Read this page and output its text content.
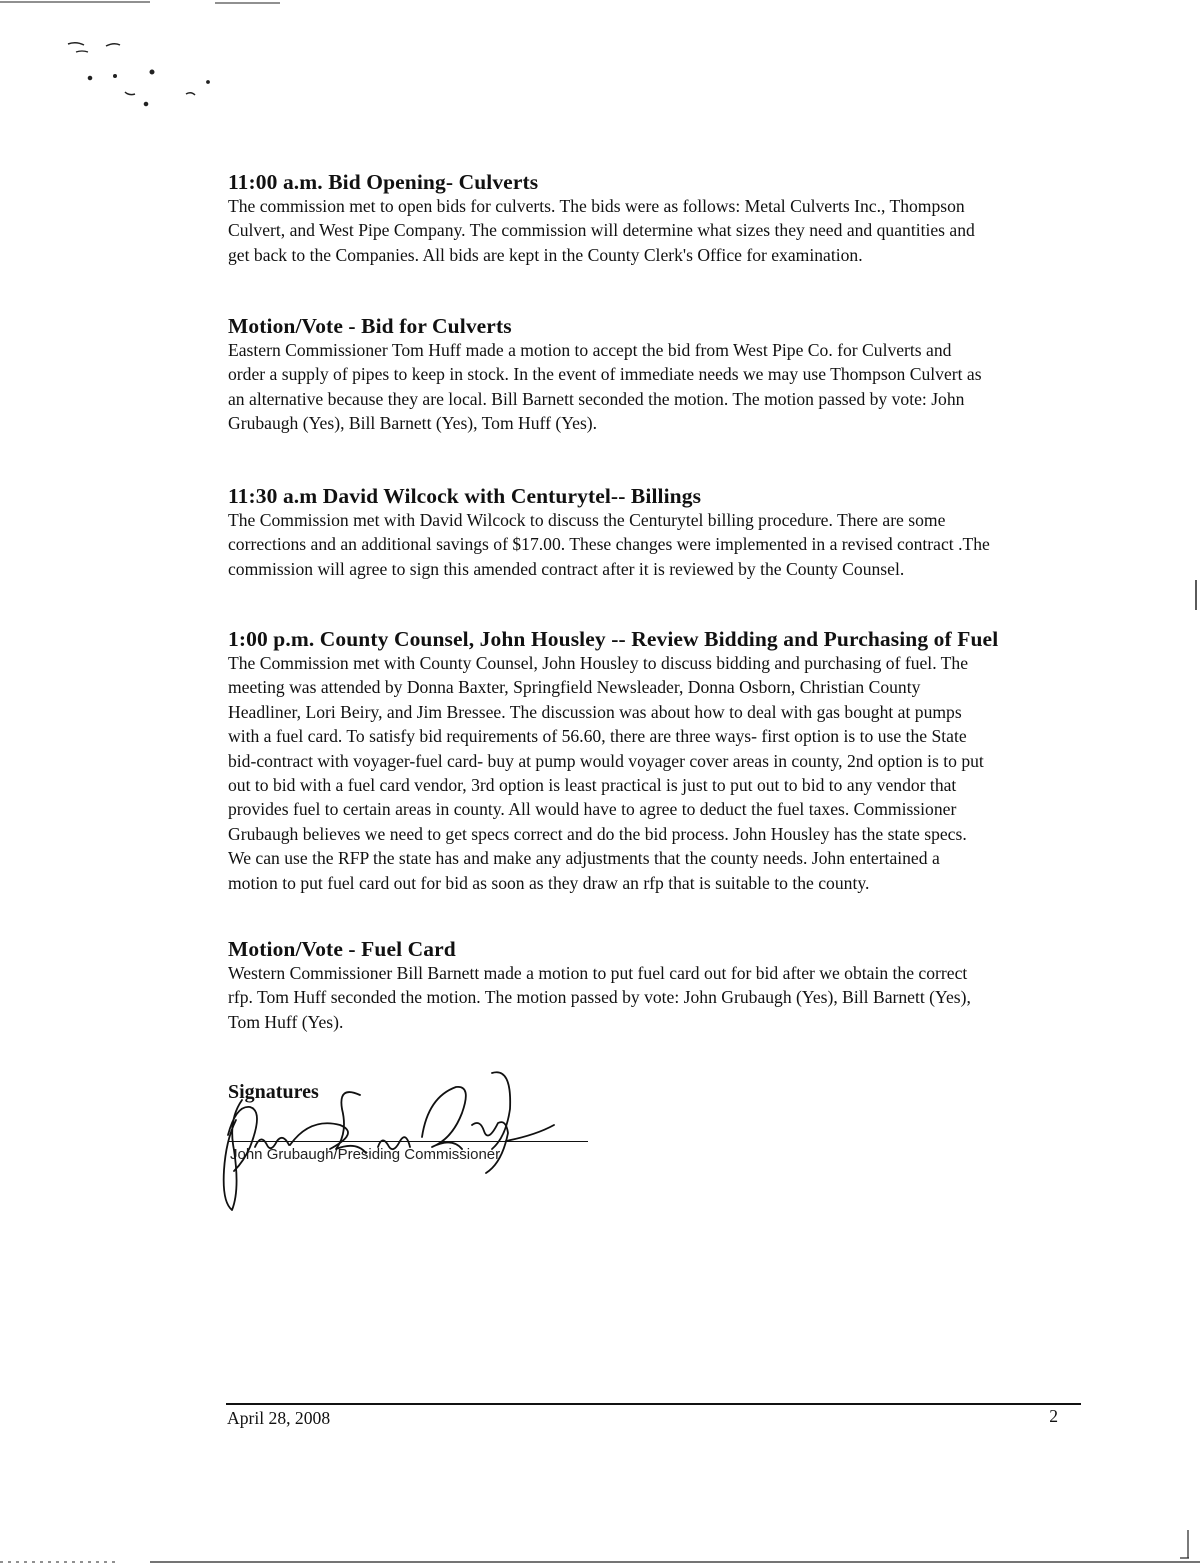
11:00 a.m. Bid Opening- Culverts

The commission met to open bids for culverts. The bids were as follows: Metal Culverts Inc., Thompson
Culvert, and West Pipe Company. The commission will determine what sizes they need and quantities and
get back to the Companies. All bids are kept in the County Clerk's Office for examination.

Motion/Vote - Bid for Culverts

Eastern Commissioner Tom Huff made a motion to accept the bid from West Pipe Co. for Culverts and
order a supply of pipes to keep in stock. In the event of immediate needs we may use Thompson Culvert as
an alternative because they are local. Bill Barnett seconded the motion. The motion passed by vote: John
Grubaugh (Yes), Bill Barnett (Yes), Tom Huff (Yes).

11:30 a.m David Wilcock with Centurytel-- Billings

The Commission met with David Wilcock to discuss the Centurytel billing procedure. There are some
corrections and an additional savings of $17.00. These changes were implemented in a revised contract .The
commission will agree to sign this amended contract after it is reviewed by the County Counsel.

1:00 p.m. County Counsel, John Housley -- Review Bidding and Purchasing of Fuel

The Commission met with County Counsel, John Housley to discuss bidding and purchasing of fuel. The
meeting was attended by Donna Baxter, Springfield Newsleader, Donna Osborn, Christian County
Headliner, Lori Beiry, and Jim Bressee. The discussion was about how to deal with gas bought at pumps
with a fuel card. To satisfy bid requirements of 56.60, there are three ways- first option is to use the State
bid-contract with voyager-fuel card- buy at pump would voyager cover areas in county, 2nd option is to put
out to bid with a fuel card vendor, 3rd option is least practical is just to put out to bid to any vendor that
provides fuel to certain areas in county. All would have to agree to deduct the fuel taxes. Commissioner
Grubaugh believes we need to get specs correct and do the bid process. John Housley has the state specs.
We can use the RFP the state has and make any adjustments that the county needs. John entertained a
motion to put fuel card out for bid as soon as they draw an rfp that is suitable to the county.

Motion/Vote - Fuel Card

Western Commissioner Bill Barnett made a motion to put fuel card out for bid after we obtain the correct
rfp. Tom Huff seconded the motion. The motion passed by vote: John Grubaugh (Yes), Bill Barnett (Yes),
Tom Huff (Yes).

Signatures

John Grubaugh/Presiding Commissioner

April 28, 2008	2
